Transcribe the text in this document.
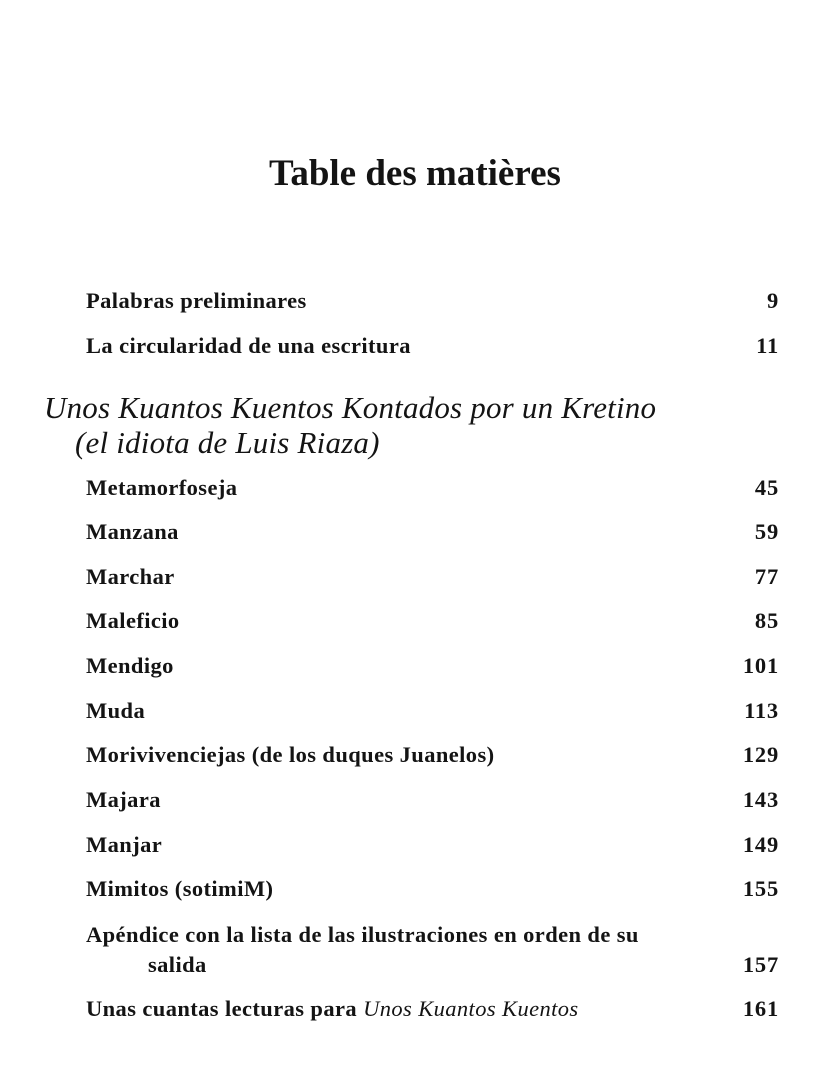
Table des matières
Palabras preliminares	9
La circularidad de una escritura	11
Unos Kuantos Kuentos Kontados por un Kretino
(el idiota de Luis Riaza)
Metamorfoseja	45
Manzana	59
Marchar	77
Maleficio	85
Mendigo	101
Muda	113
Morivivenciejas (de los duques Juanelos)	129
Majara	143
Manjar	149
Mimitos (sotimiM)	155
Apéndice con la lista de las ilustraciones en orden de su
salida	157
Unas cuantas lecturas para Unos Kuantos Kuentos	161
